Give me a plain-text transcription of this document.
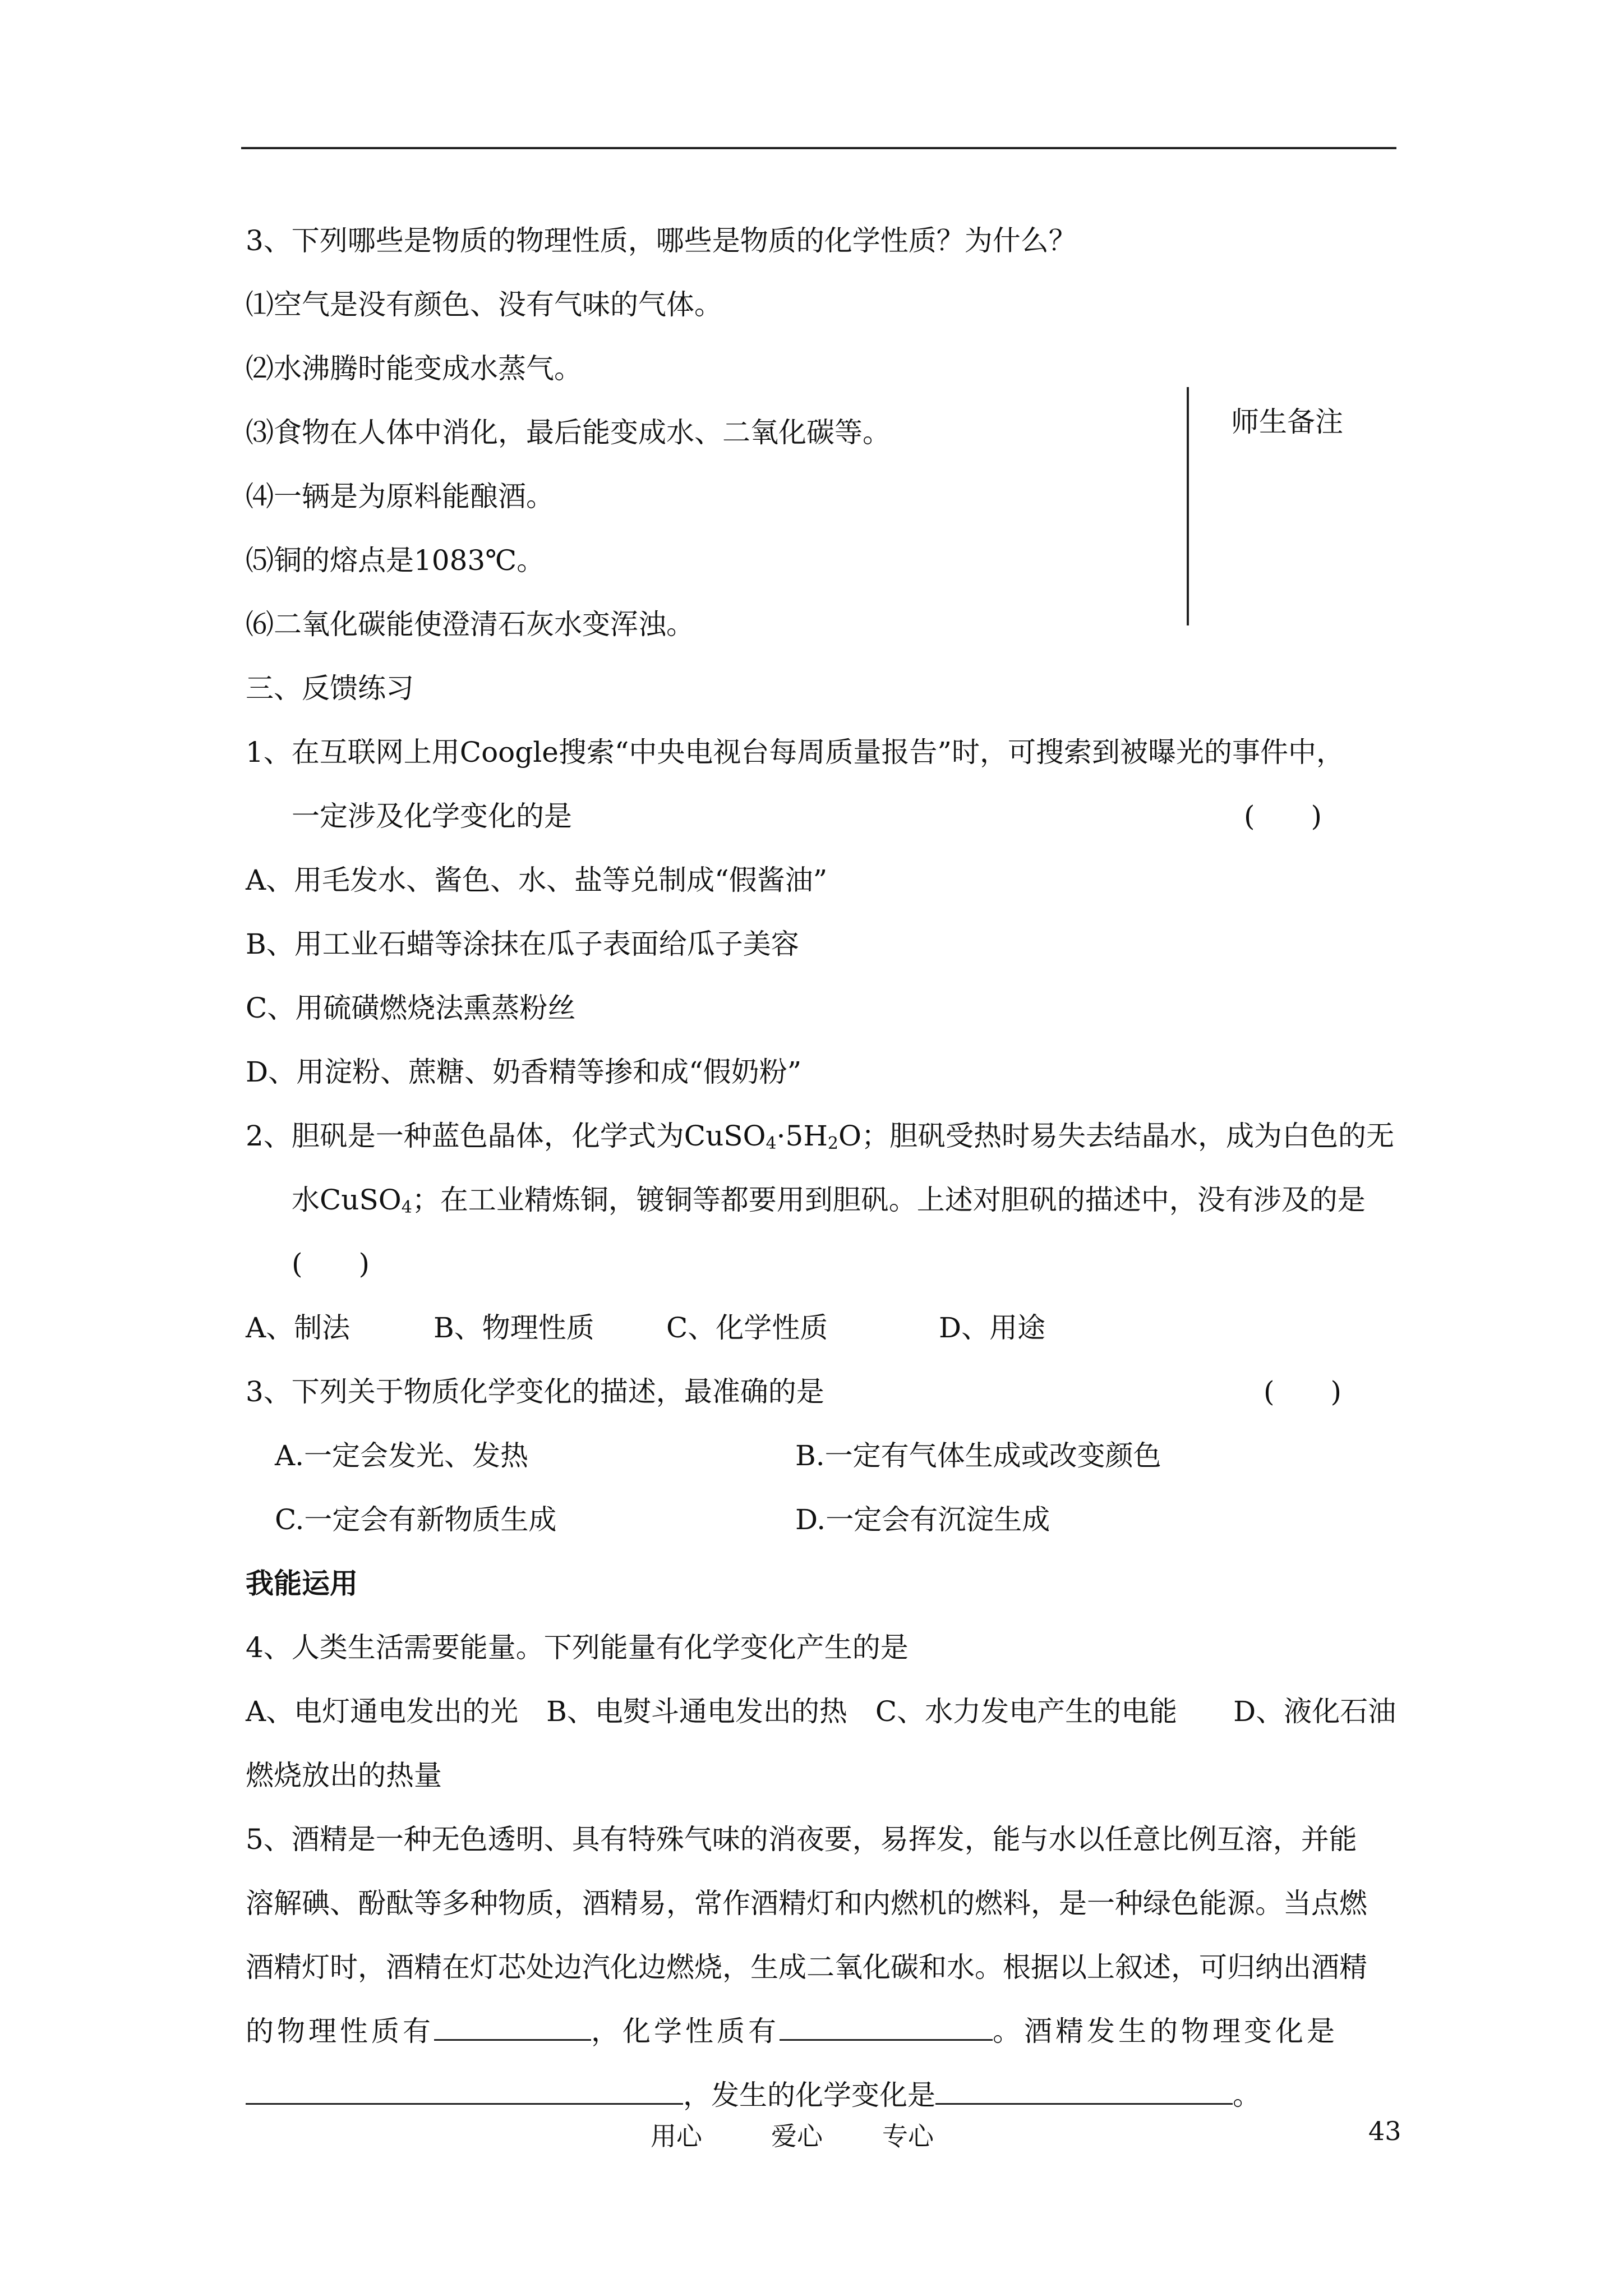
师生备注
3、下列哪些是物质的物理性质，哪些是物质的化学性质？为什么？
⑴空气是没有颜色、没有气味的气体。
⑵水沸腾时能变成水蒸气。
⑶食物在人体中消化，最后能变成水、二氧化碳等。
⑷一辆是为原料能酿酒。
⑸铜的熔点是1083℃。
⑹二氧化碳能使澄清石灰水变浑浊。
三、反馈练习
1、在互联网上用Coogle搜索“中央电视台每周质量报告”时，可搜索到被曝光的事件中，
一定涉及化学变化的是	(　　)
A、用毛发水、酱色、水、盐等兑制成“假酱油”
B、用工业石蜡等涂抹在瓜子表面给瓜子美容
C、用硫磺燃烧法熏蒸粉丝
D、用淀粉、蔗糖、奶香精等掺和成“假奶粉”
2、胆矾是一种蓝色晶体，化学式为$CuSO_4\cdot 5H_2O$；胆矾受热时易失去结晶水，成为白色的无
水CuSO$_4$；在工业精炼铜，镀铜等都要用到胆矾。上述对胆矾的描述中，没有涉及的是
(　　)
A、制法	B、物理性质	C、化学性质	D、用途
3、下列关于物质化学变化的描述，最准确的是	(　　)
A.一定会发光、发热	B.一定有气体生成或改变颜色
C.一定会有新物质生成	D.一定会有沉淀生成
我能运用
4、人类生活需要能量。下列能量有化学变化产生的是
A、电灯通电发出的光　B、电熨斗通电发出的热　C、水力发电产生的电能　　D、液化石油
燃烧放出的热量
5、酒精是一种无色透明、具有特殊气味的消夜要，易挥发，能与水以任意比例互溶，并能
溶解碘、酚酞等多种物质，酒精易，常作酒精灯和内燃机的燃料，是一种绿色能源。当点燃
酒精灯时，酒精在灯芯处边汽化边燃烧，生成二氧化碳和水。根据以上叙述，可归纳出酒精
的物理性质有	，化学性质有	。酒精发生的物理变化是
，发生的化学变化是	。
用心	爱心 专心	43
